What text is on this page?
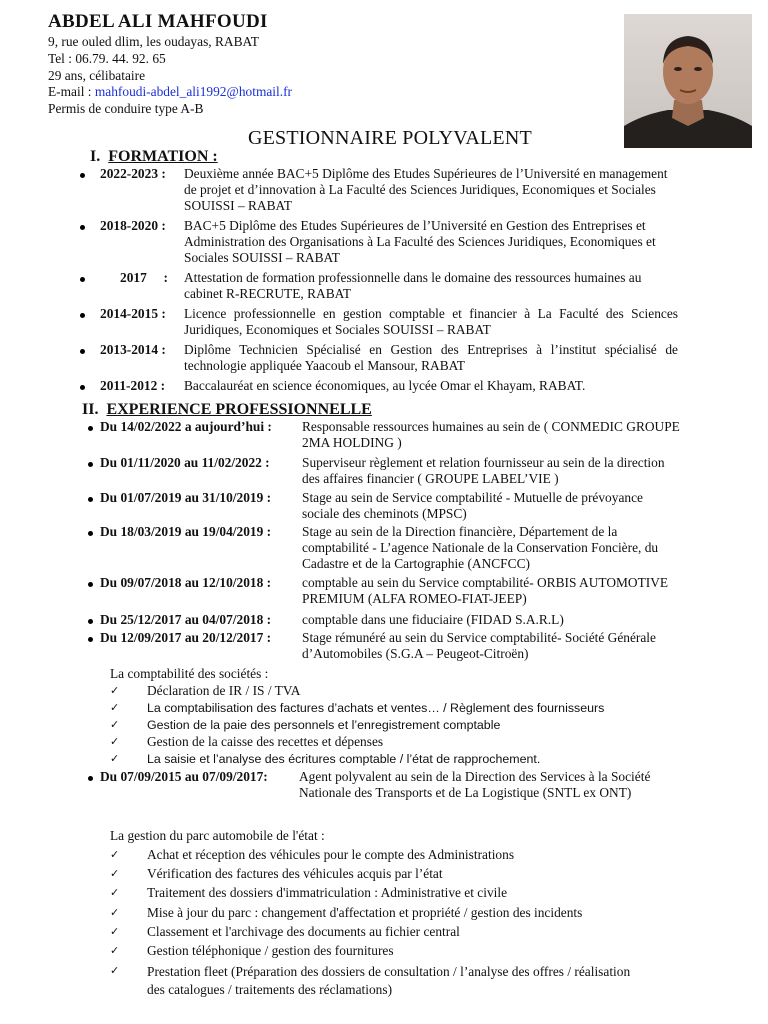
ABDEL ALI MAHFOUDI
9, rue ouled dlim, les oudayas, RABAT
Tel : 06.79. 44. 92. 65
29 ans, célibataire
E-mail : mahfoudi-abdel_ali1992@hotmail.fr
Permis de conduire type A-B
GESTIONNAIRE POLYVALENT
I. FORMATION :
2022-2023 : Deuxième année BAC+5 Diplôme des Etudes Supérieures de l’Université en management de projet et d’innovation à La Faculté des Sciences Juridiques, Economiques et Sociales SOUISSI – RABAT
2018-2020 : BAC+5 Diplôme des Etudes Supérieures de l’Université en Gestion des Entreprises et Administration des Organisations à La Faculté des Sciences Juridiques, Economiques et Sociales SOUISSI – RABAT
2017     : Attestation de formation professionnelle dans le domaine des ressources humaines au cabinet R-RECRUTE, RABAT
2014-2015 : Licence professionnelle en gestion comptable et financier à La Faculté des Sciences Juridiques, Economiques et Sociales SOUISSI – RABAT
2013-2014 : Diplôme Technicien Spécialisé en Gestion des Entreprises à l’institut spécialisé de technologie appliquée Yaacoub el Mansour, RABAT
2011-2012 : Baccalauréat en science économiques, au lycée Omar el Khayam, RABAT.
II. EXPERIENCE PROFESSIONNELLE
Du 14/02/2022 a aujourd’hui : Responsable ressources humaines au sein de ( CONMEDIC GROUPE 2MA HOLDING )
Du 01/11/2020 au 11/02/2022 : Superviseur règlement et relation fournisseur au sein de la direction des affaires financier ( GROUPE LABEL’VIE )
Du 01/07/2019 au 31/10/2019 : Stage au sein de Service comptabilité - Mutuelle de prévoyance sociale des cheminots (MPSC)
Du 18/03/2019 au 19/04/2019 : Stage au sein de la Direction financière, Département de la comptabilité - L’agence Nationale de la Conservation Foncière, du Cadastre et de la Cartographie (ANCFCC)
Du 09/07/2018 au 12/10/2018 : comptable au sein du Service comptabilité- ORBIS AUTOMOTIVE PREMIUM (ALFA ROMEO-FIAT-JEEP)
Du 25/12/2017 au 04/07/2018 : comptable dans une fiduciaire (FIDAD S.A.R.L)
Du 12/09/2017 au 20/12/2017 : Stage rémunéré au sein du Service comptabilité- Société Générale d’Automobiles (S.G.A – Peugeot-Citroën)
La comptabilité des sociétés :
✓ Déclaration de IR / IS / TVA
✓ La comptabilisation des factures d’achats et ventes… / Règlement des fournisseurs
✓ Gestion de la paie des personnels et l’enregistrement comptable
✓ Gestion de la caisse des recettes et dépenses
✓ La saisie et l’analyse des écritures comptable / l’état de rapprochement.
Du 07/09/2015 au 07/09/2017: Agent polyvalent au sein de la Direction des Services à la Société Nationale des Transports et de La Logistique (SNTL ex ONT)
La gestion du parc automobile de l'état :
✓ Achat et réception des véhicules pour le compte des Administrations
✓ Vérification des factures des véhicules acquis par l’état
✓ Traitement des dossiers d'immatriculation : Administrative et civile
✓ Mise à jour du parc : changement d'affectation et propriété / gestion des incidents
✓ Classement et l'archivage des documents au fichier central
✓ Gestion téléphonique / gestion des fournitures
✓ Prestation fleet (Préparation des dossiers de consultation / l’analyse des offres / réalisation des catalogues / traitements des réclamations)
